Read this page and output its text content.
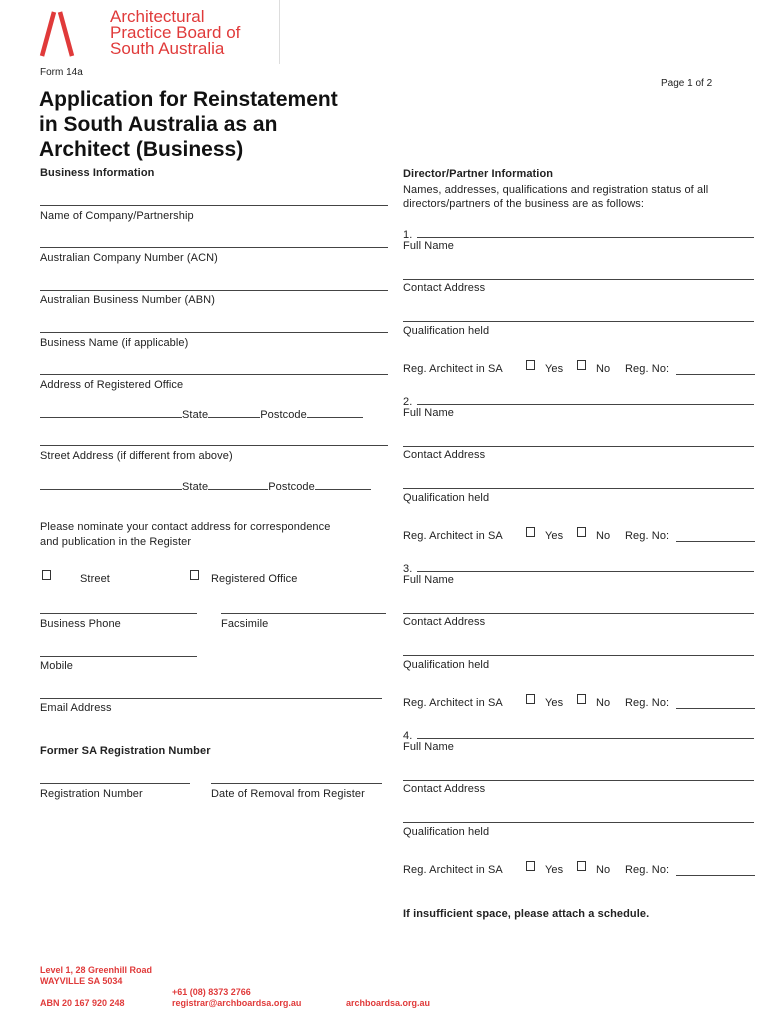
Architectural
Practice Board of
South Australia
Form 14a
Page 1 of 2
Application for Reinstatement
in South Australia as an
Architect (Business)
Business Information
Name of Company/Partnership
Australian Company Number (ACN)
Australian Business Number (ABN)
Business Name (if applicable)
Address of Registered Office
State	Postcode
Street Address (if different from above)
State	Postcode
Please nominate your contact address for correspondence
and publication in the Register
Street	Registered Office
Business Phone	Facsimile
Mobile
Email Address
Former SA Registration Number
Registration Number	Date of Removal from Register
Director/Partner Information
Names, addresses, qualifications and registration status of all
directors/partners of the business are as follows:
1.
Full Name
Contact Address
Qualification held
Reg. Architect in SA	Yes	No Reg. No:
2.
Full Name
Contact Address
Qualification held
Reg. Architect in SA	Yes	No Reg. No:
3.
Full Name
Contact Address
Qualification held
Reg. Architect in SA	Yes	No Reg. No:
4.
Full Name
Contact Address
Qualification held
Reg. Architect in SA	Yes	No Reg. No:
If insufficient space, please attach a schedule.
Level 1, 28 Greenhill Road
WAYVILLE SA 5034
ABN 20 167 920 248
+61 (08) 8373 2766
registrar@archboardsa.org.au	archboardsa.org.au
